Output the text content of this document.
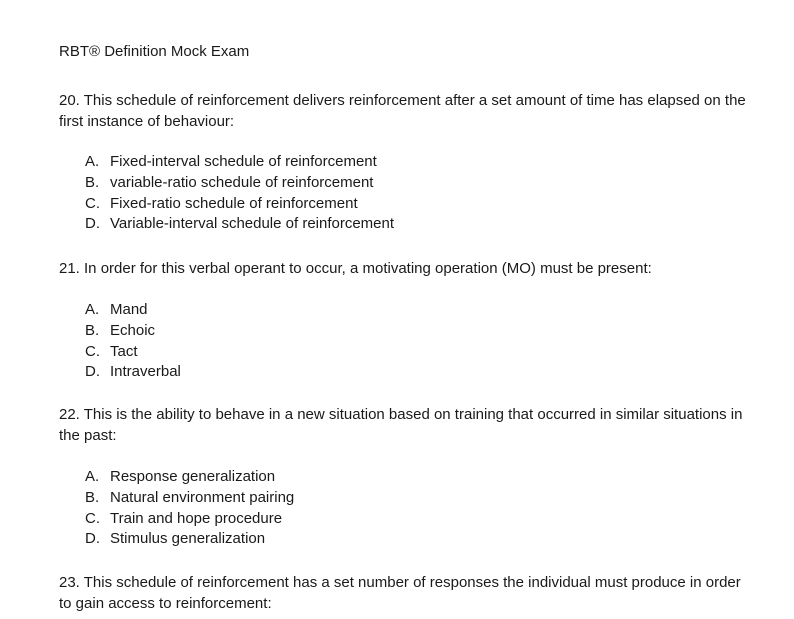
RBT® Definition Mock Exam

20. This schedule of reinforcement delivers reinforcement after a set amount of time has elapsed on the first instance of behaviour:

A. Fixed-interval schedule of reinforcement
B. variable-ratio schedule of reinforcement
C. Fixed-ratio schedule of reinforcement
D. Variable-interval schedule of reinforcement

21. In order for this verbal operant to occur, a motivating operation (MO) must be present:

A. Mand
B. Echoic
C. Tact
D. Intraverbal

22. This is the ability to behave in a new situation based on training that occurred in similar situations in the past:

A. Response generalization
B. Natural environment pairing
C. Train and hope procedure
D. Stimulus generalization

23. This schedule of reinforcement has a set number of responses the individual must produce in order to gain access to reinforcement:
